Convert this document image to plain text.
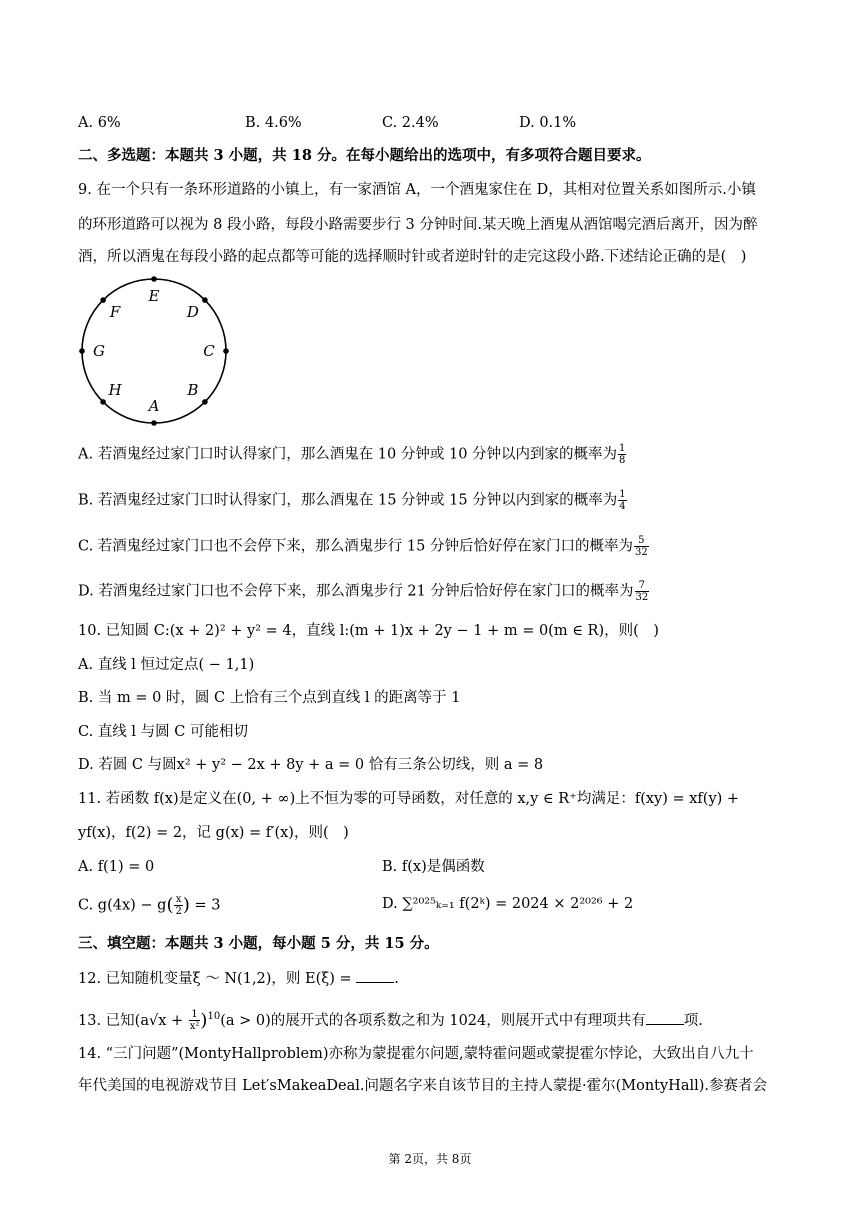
A. 6%	B. 4.6%	C. 2.4%	D. 0.1%
二、多选题：本题共 3 小题，共 18 分。在每小题给出的选项中，有多项符合题目要求。
9. 在一个只有一条环形道路的小镇上，有一家酒馆 A，一个酒鬼家住在 D，其相对位置关系如图所示.小镇
的环形道路可以视为 8 段小路，每段小路需要步行 3 分钟时间.某天晚上酒鬼从酒馆喝完酒后离开，因为醉
酒，所以酒鬼在每段小路的起点都等可能的选择顺时针或者逆时针的走完这段小路.下述结论正确的是(　)
E
D
C
B
A
H
G
F
A. 若酒鬼经过家门口时认得家门，那么酒鬼在 10 分钟或 10 分钟以内到家的概率为 $\frac{1}{8}$
B. 若酒鬼经过家门口时认得家门，那么酒鬼在 15 分钟或 15 分钟以内到家的概率为 $\frac{1}{4}$
C. 若酒鬼经过家门口也不会停下来，那么酒鬼步行 15 分钟后恰好停在家门口的概率为 $\frac{5}{32}$
D. 若酒鬼经过家门口也不会停下来，那么酒鬼步行 21 分钟后恰好停在家门口的概率为 $\frac{7}{32}$
10. 已知圆 C:(x + 2)² + y² = 4，直线 l:(m + 1)x + 2y − 1 + m = 0(m ∈ R)，则(　)
A. 直线 l 恒过定点( − 1,1)
B. 当 m = 0 时，圆 C 上恰有三个点到直线 l 的距离等于 1
C. 直线 l 与圆 C 可能相切
D. 若圆 C 与圆x² + y² − 2x + 8y + a = 0 恰有三条公切线，则 a = 8
11. 若函数 f(x)是定义在(0, + ∞)上不恒为零的可导函数，对任意的 x,y ∈ R⁺均满足：f(xy) = xf(y) +
yf(x)，f(2) = 2，记 g(x) = f′(x)，则(　)
A. f(1) = 0	B. f(x)是偶函数
C. $g(4x) - g( \frac{x}{2}$ ) = 3	D. ∑²⁰²⁵ₖ₌₁ f(2ᵏ) = 2024 × 2²⁰²⁶ + 2
三、填空题：本题共 3 小题，每小题 5 分，共 15 分。
12. 已知随机变量ξ ～ N(1,2)，则 E(ξ) =	.
13. 已知$(a√x + \frac{1}{\text{x²}} )^{10}(a > 0)$的展开式的各项系数之和为 1024，则展开式中有理项共有	项.
14. “三门问题”(MontyHallproblem)亦称为蒙提霍尔问题,蒙特霍问题或蒙提霍尔悖论，大致出自八九十
年代美国的电视游戏节目 Let′sMakeaDeal.问题名字来自该节目的主持人蒙提·霍尔(MontyHall).参赛者会
第 2页，共 8页
